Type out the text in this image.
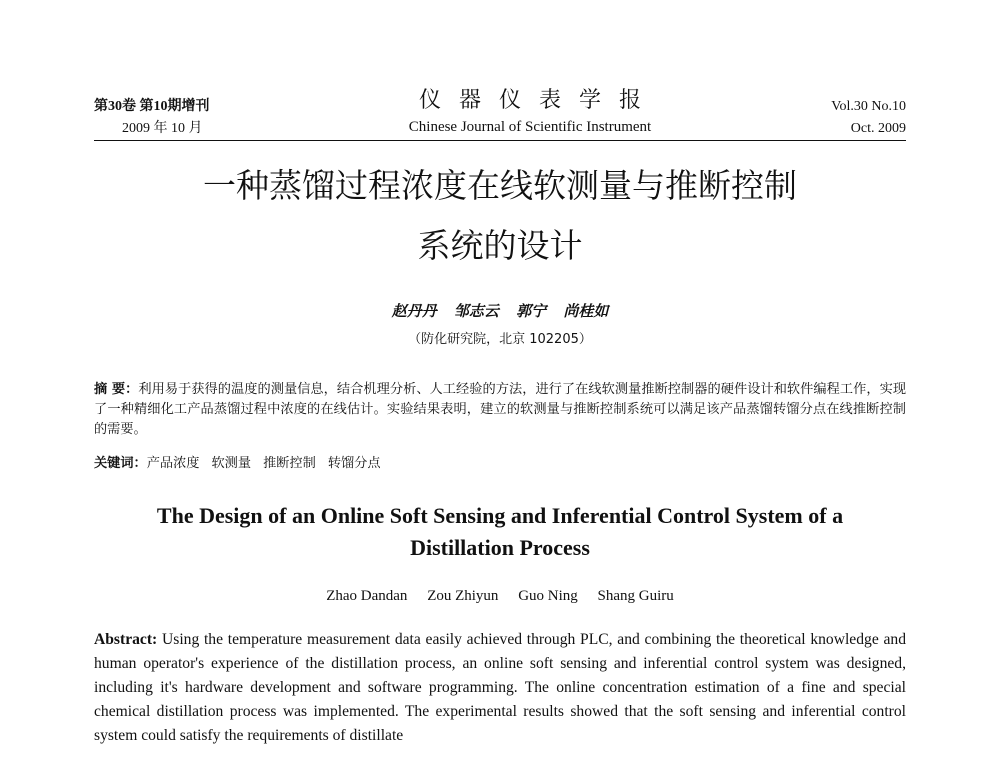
第30卷 第10期增刊
2009 年 10 月
仪器仪表学报
Chinese Journal of Scientific Instrument
Vol.30 No.10
Oct. 2009
一种蒸馏过程浓度在线软测量与推断控制
系统的设计
赵丹丹 邹志云 郭宁 尚桂如
（防化研究院，北京 102205）
摘 要：利用易于获得的温度的测量信息，结合机理分析、人工经验的方法，进行了在线软测量推断控制器的硬件设计和软件编程工作，实现了一种精细化工产品蒸馏过程中浓度的在线估计。实验结果表明，建立的软测量与推断控制系统可以满足该产品蒸馏转馏分点在线推断控制的需要。
关键词：产品浓度 软测量 推断控制 转馏分点
The Design of an Online Soft Sensing and Inferential Control System of a
Distillation Process
Zhao Dandan Zou Zhiyun Guo Ning Shang Guiru
Abstract: Using the temperature measurement data easily achieved through PLC, and combining the theoretical knowledge and human operator's experience of the distillation process, an online soft sensing and inferential control system was designed, including it's hardware development and software programming. The online concentration estimation of a fine and special chemical distillation process was implemented. The experimental results showed that the soft sensing and inferential control system could satisfy the requirements of distillate
